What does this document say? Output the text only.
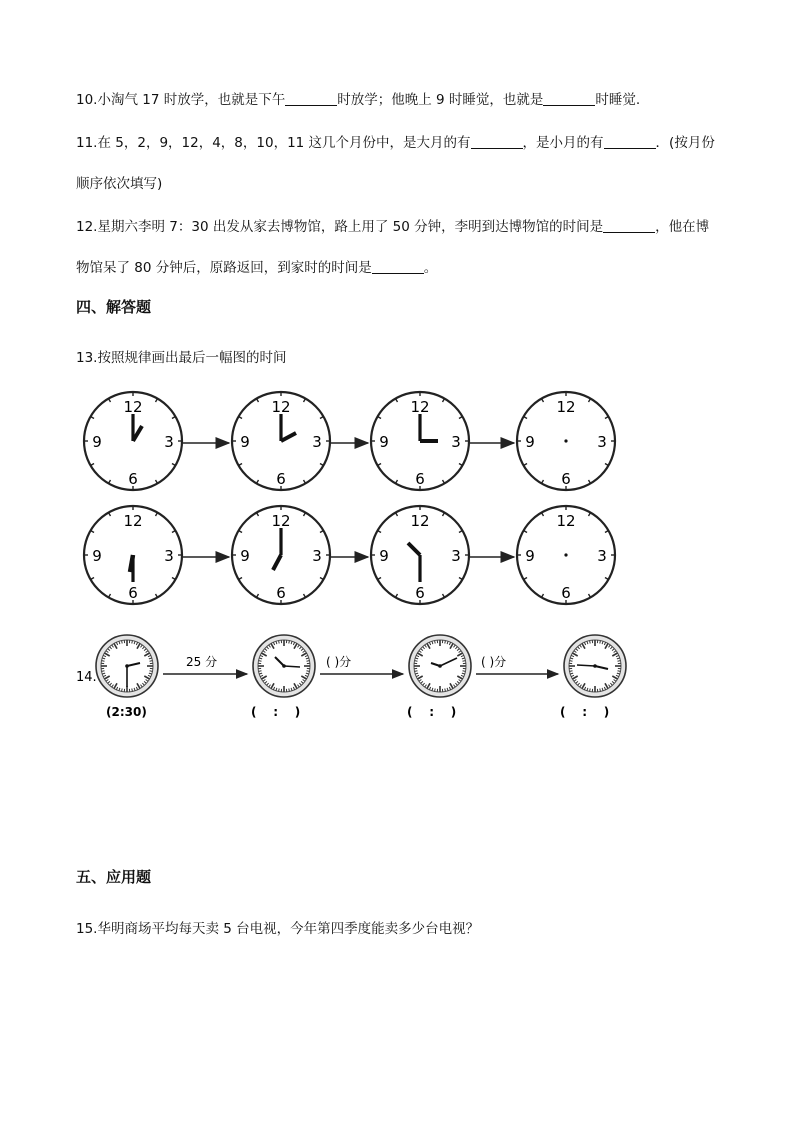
10.小淘气 17 时放学，也就是下午	时放学；他晚上 9 时睡觉，也就是	时睡觉.
11.在 5，2，9，12，4，8，10，11 这几个月份中，是大月的有	，是小月的有	．(按月份
顺序依次填写)
12.星期六李明 7：30 出发从家去博物馆，路上用了 50 分钟，李明到达博物馆的时间是	，他在博
物馆呆了 80 分钟后，原路返回，到家时的时间是	。
四、解答题
13.按照规律画出最后一幅图的时间
12
3
6
9
12
3
6
9
12
3
6
9
12
3
6
9
12
3
6
9
12
3
6
9
12
3
6
9
12
3
6
9
14.
25 分	( )分	( )分
(2:30)	(    :    )	(    :    )	(    :    )
五、应用题
15.华明商场平均每天卖 5 台电视，今年第四季度能卖多少台电视？
